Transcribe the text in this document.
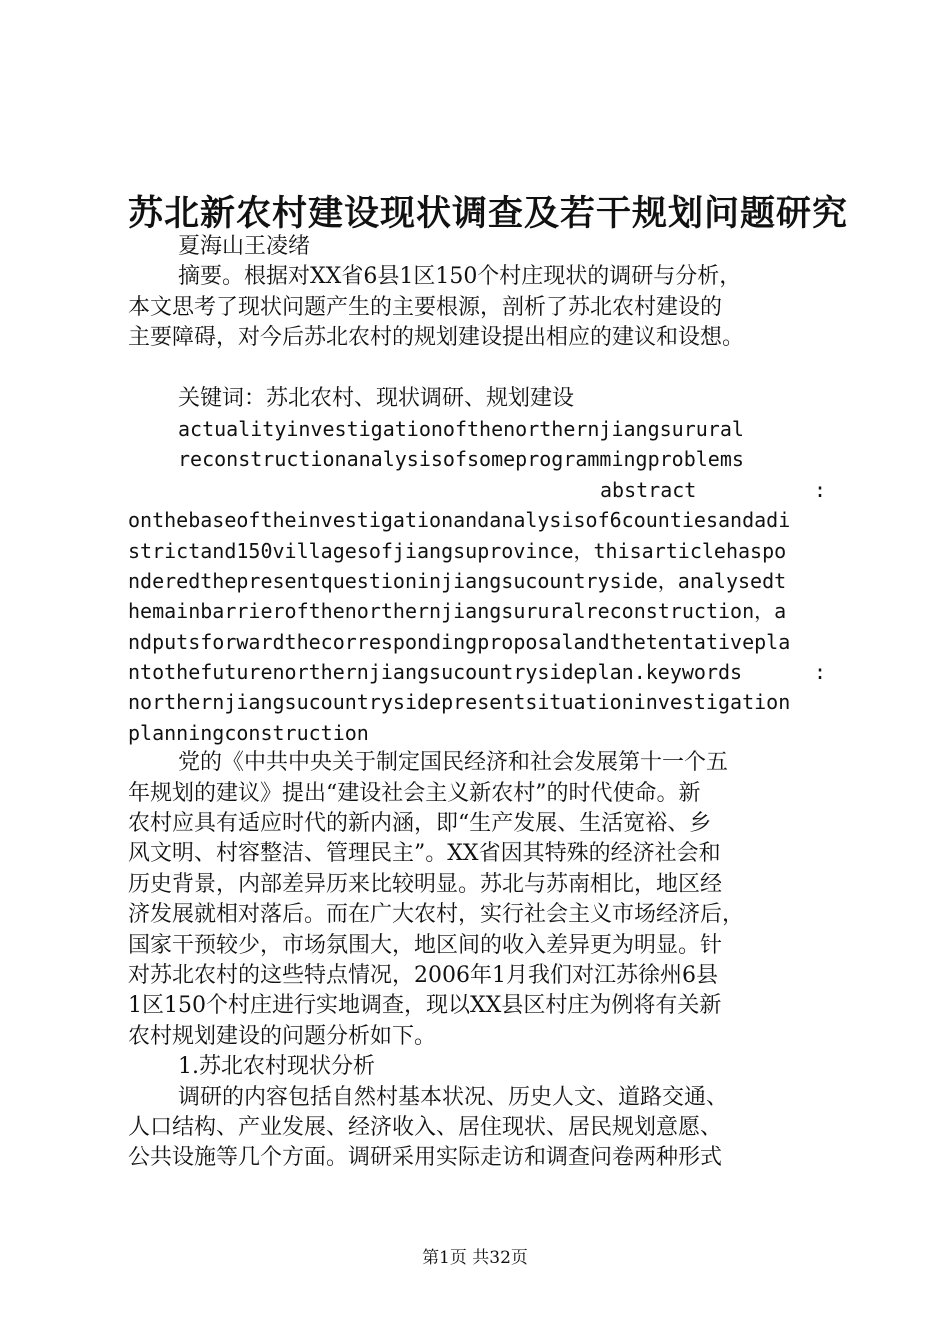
苏北新农村建设现状调查及若干规划问题研究
夏海山王凌绪
摘要。根据对XX省6县1区150个村庄现状的调研与分析，
本文思考了现状问题产生的主要根源，剖析了苏北农村建设的
主要障碍，对今后苏北农村的规划建设提出相应的建议和设想。
关键词：苏北农村、现状调研、规划建设
actualityinvestigationofthenorthernjiangsurural
reconstructionanalysisofsomeprogrammingproblems
abstract	:
onthebaseoftheinvestigationandanalysisof6countiesandadi
strictand150villagesofjiangsuprovince，thisarticlehaspo
nderedthepresentquestioninjiangsucountryside，analysedt
hemainbarrierofthenorthernjiangsururalreconstruction，a
ndputsforwardthecorrespondingproposalandthetentativepla
ntothefuturenorthernjiangsucountrysideplan.keywords	:
northernjiangsucountrysidepresentsituationinvestigation
planningconstruction
党的《中共中央关于制定国民经济和社会发展第十一个五
年规划的建议》提出“建设社会主义新农村”的时代使命。新
农村应具有适应时代的新内涵，即“生产发展、生活宽裕、乡
风文明、村容整洁、管理民主”。XX省因其特殊的经济社会和
历史背景，内部差异历来比较明显。苏北与苏南相比，地区经
济发展就相对落后。而在广大农村，实行社会主义市场经济后，
国家干预较少，市场氛围大，地区间的收入差异更为明显。针
对苏北农村的这些特点情况，2006年1月我们对江苏徐州6县
1区150个村庄进行实地调查，现以XX县区村庄为例将有关新
农村规划建设的问题分析如下。
1.苏北农村现状分析
调研的内容包括自然村基本状况、历史人文、道路交通、
人口结构、产业发展、经济收入、居住现状、居民规划意愿、
公共设施等几个方面。调研采用实际走访和调查问卷两种形式
第1页 共32页
